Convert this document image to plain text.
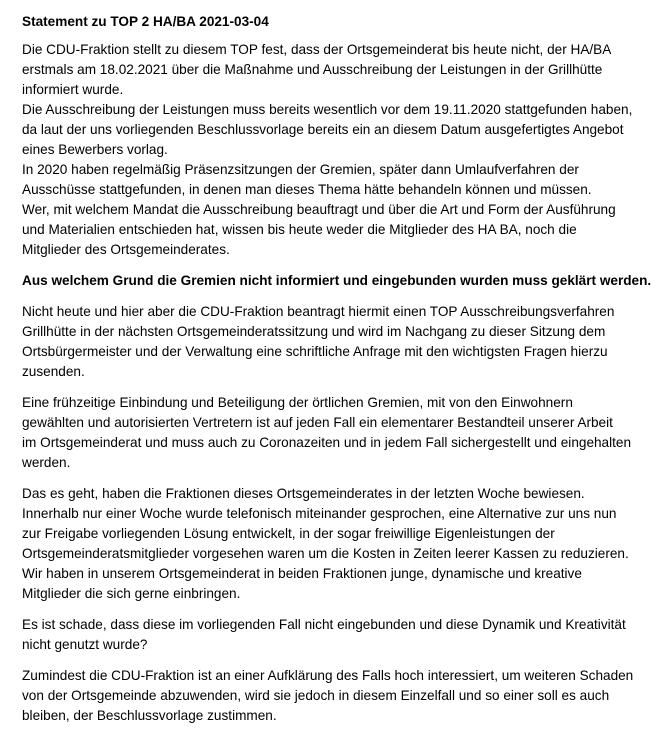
Statement zu TOP 2 HA/BA 2021-03-04
Die CDU-Fraktion stellt zu diesem TOP fest, dass der Ortsgemeinderat bis heute nicht, der HA/BA
erstmals am 18.02.2021 über die Maßnahme und Ausschreibung der Leistungen in der Grillhütte
informiert wurde.
Die Ausschreibung der Leistungen muss bereits wesentlich vor dem 19.11.2020 stattgefunden haben,
da laut der uns vorliegenden Beschlussvorlage bereits ein an diesem Datum ausgefertigtes Angebot
eines Bewerbers vorlag.
In 2020 haben regelmäßig Präsenzsitzungen der Gremien, später dann Umlaufverfahren der
Ausschüsse stattgefunden, in denen man dieses Thema hätte behandeln können und müssen.
Wer, mit welchem Mandat die Ausschreibung beauftragt und über die Art und Form der Ausführung
und Materialien entschieden hat, wissen bis heute weder die Mitglieder des HA BA, noch die
Mitglieder des Ortsgemeinderates.
Aus welchem Grund die Gremien nicht informiert und eingebunden wurden muss geklärt werden.
Nicht heute und hier aber die CDU-Fraktion beantragt hiermit einen TOP Ausschreibungsverfahren
Grillhütte in der nächsten Ortsgemeinderatssitzung und wird im Nachgang zu dieser Sitzung dem
Ortsbürgermeister und der Verwaltung eine schriftliche Anfrage mit den wichtigsten Fragen hierzu
zusenden.
Eine frühzeitige Einbindung und Beteiligung der örtlichen Gremien, mit von den Einwohnern
gewählten und autorisierten Vertretern ist auf jeden Fall ein elementarer Bestandteil unserer Arbeit
im Ortsgemeinderat und muss auch zu Coronazeiten und in jedem Fall sichergestellt und eingehalten
werden.
Das es geht, haben die Fraktionen dieses Ortsgemeinderates in der letzten Woche bewiesen.
Innerhalb nur einer Woche wurde telefonisch miteinander gesprochen, eine Alternative zur uns nun
zur Freigabe vorliegenden Lösung entwickelt, in der sogar freiwillige Eigenleistungen der
Ortsgemeinderatsmitglieder vorgesehen waren um die Kosten in Zeiten leerer Kassen zu reduzieren.
Wir haben in unserem Ortsgemeinderat in beiden Fraktionen junge, dynamische und kreative
Mitglieder die sich gerne einbringen.
Es ist schade, dass diese im vorliegenden Fall nicht eingebunden und diese Dynamik und Kreativität
nicht genutzt wurde?
Zumindest die CDU-Fraktion ist an einer Aufklärung des Falls hoch interessiert, um weiteren Schaden
von der Ortsgemeinde abzuwenden, wird sie jedoch in diesem Einzelfall und so einer soll es auch
bleiben, der Beschlussvorlage zustimmen.
